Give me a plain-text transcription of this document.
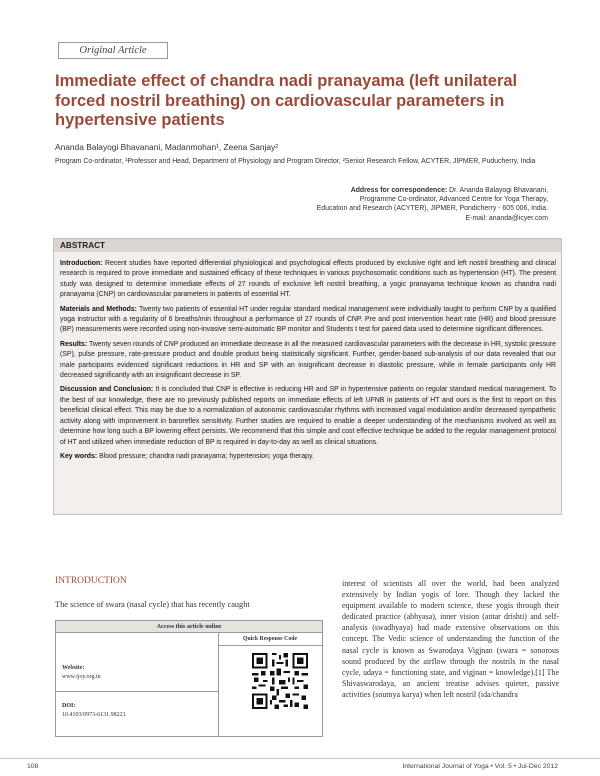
Original Article
Immediate effect of chandra nadi pranayama (left unilateral forced nostril breathing) on cardiovascular parameters in hypertensive patients
Ananda Balayogi Bhavanani, Madanmohan¹, Zeena Sanjay²
Program Co-ordinator, ¹Professor and Head, Department of Physiology and Program Director, ²Senior Research Fellow, ACYTER, JIPMER, Puducherry, India
Address for correspondence: Dr. Ananda Balayogi Bhavanani,
Programme Co-ordinator, Advanced Centre for Yoga Therapy,
Education and Research (ACYTER), JIPMER, Pondicherry - 605 006, India.
E-mail: ananda@icyer.com
ABSTRACT

Introduction: Recent studies have reported differential physiological and psychological effects produced by exclusive right and left nostril breathing and clinical research is required to prove immediate and sustained efficacy of these techniques in various psychosomatic conditions such as hypertension (HT). The present study was designed to determine immediate effects of 27 rounds of exclusive left nostril breathing, a yogic pranayama technique known as chandra nadi pranayama (CNP) on cardiovascular parameters in patients of essential HT.

Materials and Methods: Twenty two patients of essential HT under regular standard medical management were individually taught to perform CNP by a qualified yoga instructor with a regularity of 6 breaths/min throughout a performance of 27 rounds of CNP. Pre and post intervention heart rate (HR) and blood pressure (BP) measurements were recorded using non-invasive semi-automatic BP monitor and Students t test for paired data used to determine significant differences.

Results: Twenty seven rounds of CNP produced an immediate decrease in all the measured cardiovascular parameters with the decrease in HR, systolic pressure (SP), pulse pressure, rate-pressure product and double product being statistically significant. Further, gender-based sub-analysis of our data revealed that our male participants evidenced significant reductions in HR and SP with an insignificant decrease in diastolic pressure, while in female participants only HR decreased significantly with an insignificant decrease in SP.

Discussion and Conclusion: It is concluded that CNP is effective in reducing HR and SP in hypertensive patients on regular standard medical management. To the best of our knowledge, there are no previously published reports on immediate effects of left UFNB in patients of HT and ours is the first to report on this beneficial clinical effect. This may be due to a normalization of autonomic cardiovascular rhythms with increased vagal modulation and/or decreased sympathetic activity along with improvement in baroreflex sensitivity. Further studies are required to enable a deeper understanding of the mechanisms involved as well as determine how long such a BP lowering effect persists. We recommend that this simple and cost effective technique be added to the regular management protocol of HT and utilized when immediate reduction of BP is required in day-to-day as well as clinical situations.

Key words: Blood pressure; chandra nadi pranayama; hypertension; yoga therapy.

INTRODUCTION
The science of swara (nasal cycle) that has recently caught
Access this article online
Quick Response Code
Website:
www.ijoy.org.in
DOI:
10.4103/0973-6131.98221
interest of scientists all over the world, had been analyzed extensively by Indian yogis of lore. Though they lacked the equipment available to modern science, these yogis through their dedicated practice (abhyasa), inner vision (antar drishti) and self-analysis (swadhyaya) had made extensive observations on this concept. The Vedic science of understanding the function of the nasal cycle is known as Swarodaya Vigjnan (swara = sonorous sound produced by the airflow through the nostrils in the nasal cycle, udaya = functioning state, and vigjnan = knowledge).[1] The Shivaswarodaya, an ancient treatise advises quieter, passive activities (soumya karya) when left nostril (ida/chandra
108	International Journal of Yoga • Vol. 5 • Jul-Dec 2012
